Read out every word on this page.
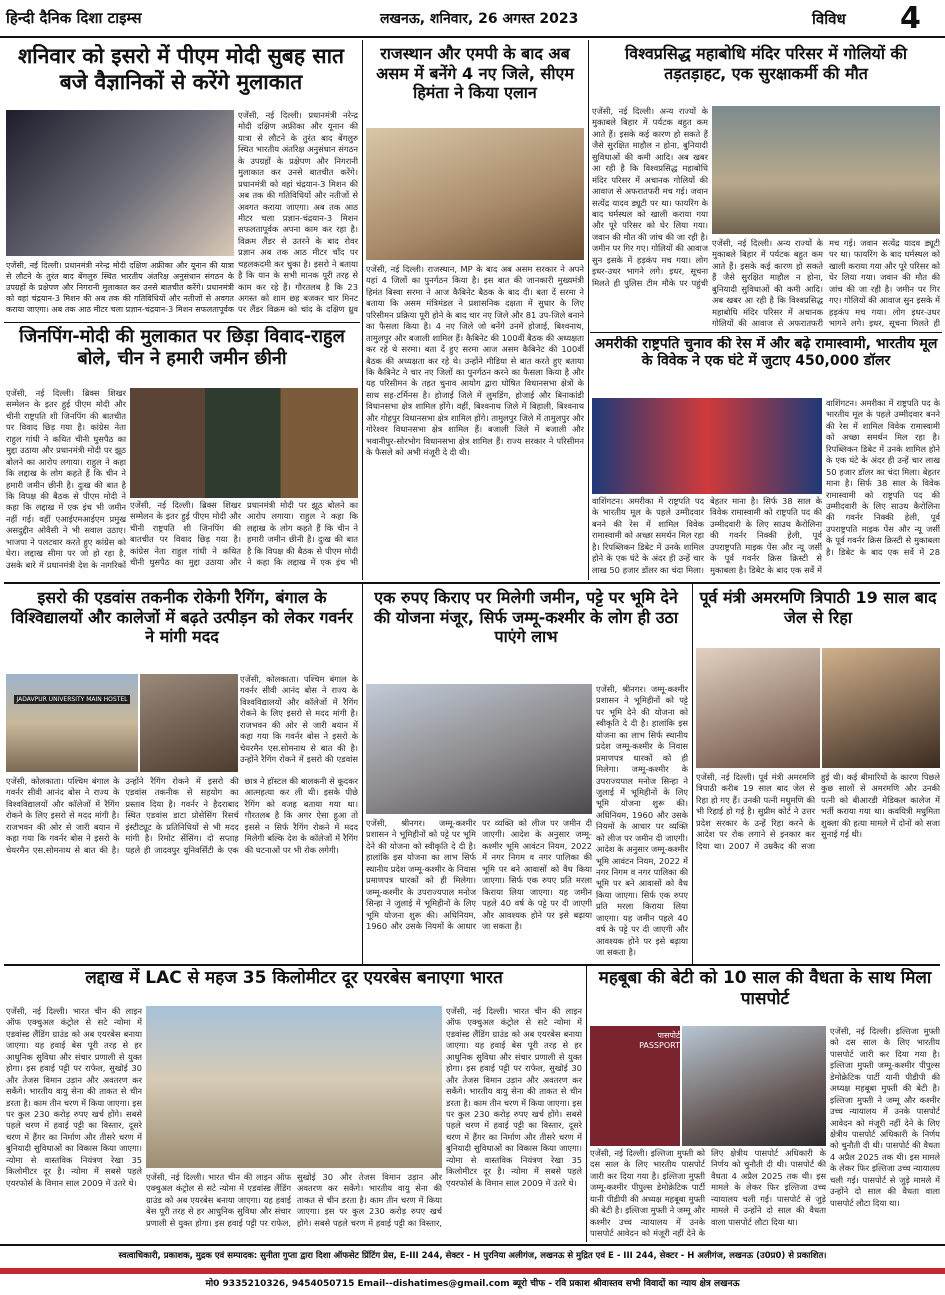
हिन्दी दैनिक दिशा टाइम्स	लखनऊ, शनिवार, 26 अगस्त 2023	विविध 4
शनिवार को इसरो में पीएम मोदी सुबह सात बजे वैज्ञानिकों से करेंगे मुलाकात
एजेंसी, नई दिल्ली। प्रधानमंत्री नरेन्द्र मोदी दक्षिण अफ्रीका और यूनान की यात्रा से लौटने के तुरंत बाद बेंगलुरु स्थित भारतीय अंतरिक्ष अनुसंधान संगठन के उपग्रहों के प्रक्षेपण और निगरानी मुलाकात कर उनसे बातचीत करेंगे। प्रधानमंत्री को वहां चंद्रयान-3 मिशन की अब तक की गतिविधियों और नतीजों से अवगत कराया जाएगा। अब तक आठ मीटर चला प्रज्ञान-चंद्रयान-3 मिशन सफलतापूर्वक
एजेंसी, नई दिल्ली। प्रधानमंत्री नरेन्द्र मोदी दक्षिण अफ्रीका और यूनान की यात्रा से लौटने के तुरंत बाद बेंगलुरु स्थित भारतीय अंतरिक्ष अनुसंधान संगठन के उपग्रहों के प्रक्षेपण और निगरानी मुलाकात कर उनसे बातचीत करेंगे। प्रधानमंत्री को वहां चंद्रयान-3 मिशन की अब तक की गतिविधियों और नतीजों से अवगत कराया जाएगा। अब तक आठ मीटर चला प्रज्ञान-चंद्रयान-3 मिशन सफलतापूर्वक अपना काम कर रहा है। विक्रम लैंडर से उतरने के बाद रोवर प्रज्ञान अब तक आठ मीटर चाँद पर चहलकदमी कर चुका है। इसरो ने बताया है कि यान के सभी मानक पूरी तरह से काम कर रहे हैं। गौरतलब है कि 23 अगस्त को शाम छह बजकर चार मिनट पर लैंडर विक्रम को चांद के दक्षिण ध्रुव
राजस्थान और एमपी के बाद अब असम में बनेंगे 4 नए जिले, सीएम हिमंता ने किया एलान
एजेंसी, नई दिल्ली। राजस्थान, MP के बाद अब असम सरकार ने अपने यहां 4 जिलों का पुनर्गठन किया है। इस बात की जानकारी मुख्यमंत्री हिमंत बिस्वा सरमा ने आज कैबिनेट बैठक के बाद दी। बता दें सरमा ने बताया कि असम मंत्रिमंडल ने प्रशासनिक दक्षता में सुधार के लिए परिसीमन प्रक्रिया पूरी होने के बाद चार नए जिले और 81 उप-जिले बनाने का फैसला किया है। 4 नए जिले जो बनेंगे उनमें होजाई, बिश्वनाथ, तामुलपुर और बजाली शामिल हैं। कैबिनेट की 100वीं बैठक की अध्यक्षता कर रहे थे सरमा। बता दें हुए सरमा आज असम कैबिनेट की 100वीं बैठक की अध्यक्षता कर रहे थे। उन्होंने मीडिया से बात करते हुए बताया कि कैबिनेट ने चार नए जिलों का पुनर्गठन करने का फैसला किया है और यह परिसीमन के तहत चुनाव आयोग द्वारा घोषित विधानसभा क्षेत्रों के साथ सह-टर्मिनस है। होजाई जिले में लुमडिंग, होजाई और बिनाकांडी विधानसभा क्षेत्र शामिल होंगे। वहीं, बिश्वनाथ जिले में बिहाली, बिश्वनाथ और गोहपुर विधानसभा क्षेत्र शामिल होंगे। तामुलपुर जिले में तामुलपुर और गोरेश्वर विधानसभा क्षेत्र शामिल हैं। बजाली जिले में बजाली और भवानीपुर-सोरभोग विधानसभा क्षेत्र शामिल हैं। राज्य सरकार ने परिसीमन के फैसले को अभी मंजूरी दे दी थी।
विश्वप्रसिद्ध महाबोधि मंदिर परिसर में गोलियों की तड़तड़ाहट, एक सुरक्षाकर्मी की मौत
एजेंसी, नई दिल्ली। अन्य राज्यों के मुकाबले बिहार में पर्यटक बहुत कम आते हैं। इसके कई कारण हो सकते हैं जैसे सुरक्षित माहौल न होना, बुनियादी सुविधाओं की कमी आदि। अब खबर आ रही है कि विश्वप्रसिद्ध महाबोधि मंदिर परिसर में अचानक गोलियों की आवाज से अफरातफरी मच गई। जवान सत्येंद्र यादव ड्यूटी पर था। फायरिंग के बाद घर्मस्थल को खाली कराया गया और पूरे परिसर को घेर लिया गया। जवान की मौत की जांच की जा रही है। जमीन पर गिर गए। गोलियों की आवाज सुन इसके में हड़कंप मच गया। लोग इधर-उधर भागने लगे। इधर, सूचना मिलते ही पुलिस टीम मौके पर पहुंची
एजेंसी, नई दिल्ली। अन्य राज्यों के मुकाबले बिहार में पर्यटक बहुत कम आते हैं। इसके कई कारण हो सकते हैं जैसे सुरक्षित माहौल न होना, बुनियादी सुविधाओं की कमी आदि। अब खबर आ रही है कि विश्वप्रसिद्ध महाबोधि मंदिर परिसर में अचानक गोलियों की आवाज से अफरातफरी मच गई। जवान सत्येंद्र यादव ड्यूटी पर था। फायरिंग के बाद घर्मस्थल को खाली कराया गया और पूरे परिसर को घेर लिया गया। जवान की मौत की जांच की जा रही है। जमीन पर गिर गए। गोलियों की आवाज सुन इसके में हड़कंप मच गया। लोग इधर-उधर भागने लगे। इधर, सूचना मिलते ही
जिनपिंग-मोदी की मुलाकात पर छिड़ा विवाद-राहुल बोले, चीन ने हमारी जमीन छीनी
एजेंसी, नई दिल्ली। ब्रिक्स शिखर सम्मेलन के इतर हुई पीएम मोदी और चीनी राष्ट्रपति शी जिनपिंग की बातचीत पर विवाद छिड़ गया है। कांग्रेस नेता राहुल गांधी ने कथित चीनी घुसपैठ का मुद्दा उठाया और प्रधानमंत्री मोदी पर झूठ बोलने का आरोप लगाया। राहुल ने कहा कि लद्दाख के लोग कहते हैं कि चीन ने हमारी जमीन छीनी है। दुःख की बात है कि विपक्ष की बैठक से पीएम मोदी ने कहा कि लद्दाख में एक इंच भी जमीन नहीं गई। वहीं एआईएमआईएम प्रमुख असदुद्दीन ओवैसी ने भी सवाल उठाए। भाजपा ने पलटवार करते हुए कांग्रेस को घेरा। लद्दाख सीमा पर जो हो रहा है, उसके बारे में प्रधानमंत्री देश के नागरिकों
एजेंसी, नई दिल्ली। ब्रिक्स शिखर सम्मेलन के इतर हुई पीएम मोदी और चीनी राष्ट्रपति शी जिनपिंग की बातचीत पर विवाद छिड़ गया है। कांग्रेस नेता राहुल गांधी ने कथित चीनी घुसपैठ का मुद्दा उठाया और प्रधानमंत्री मोदी पर झूठ बोलने का आरोप लगाया। राहुल ने कहा कि लद्दाख के लोग कहते हैं कि चीन ने हमारी जमीन छीनी है। दुःख की बात है कि विपक्ष की बैठक से पीएम मोदी ने कहा कि लद्दाख में एक इंच भी
अमरीकी राष्ट्रपति चुनाव की रेस में और बढ़े रामास्वामी, भारतीय मूल के विवेक ने एक घंटे में जुटाए 450,000 डॉलर
वाशिंगटन। अमरीका में राष्ट्रपति पद के भारतीय मूल के पहले उम्मीदवार बनने की रेस में शामिल विवेक रामास्वामी को अच्छा समर्थन मिल रहा है। रिपब्लिकन डिबेट में उनके शामिल होने के एक घंटे के अंदर ही उन्हें चार लाख 50 हजार डॉलर का चंदा मिला। बेहतर माना है। सिर्फ 38 साल के विवेक रामास्वामी को राष्ट्रपति पद की उम्मीदवारी के लिए साउथ कैरोलिना की गवर्नर निक्की हेली, पूर्व उपराष्ट्रपति माइक पेंस और न्यू जर्सी के पूर्व गवर्नर क्रिस क्रिस्टी से मुकाबला है। डिबेट के बाद एक सर्वे में
वाशिंगटन। अमरीका में राष्ट्रपति पद के भारतीय मूल के पहले उम्मीदवार बनने की रेस में शामिल विवेक रामास्वामी को अच्छा समर्थन मिल रहा है। रिपब्लिकन डिबेट में उनके शामिल होने के एक घंटे के अंदर ही उन्हें चार लाख 50 हजार डॉलर का चंदा मिला। बेहतर माना है। सिर्फ 38 साल के विवेक रामास्वामी को राष्ट्रपति पद की उम्मीदवारी के लिए साउथ कैरोलिना की गवर्नर निक्की हेली, पूर्व उपराष्ट्रपति माइक पेंस और न्यू जर्सी के पूर्व गवर्नर क्रिस क्रिस्टी से मुकाबला है। डिबेट के बाद एक सर्वे में 28
इसरो की एडवांस तकनीक रोकेगी रैगिंग, बंगाल के विश्विद्यालयों और कालेजों में बढ़ते उत्पीड़न को लेकर गवर्नर ने मांगी मदद
JADAVPUR UNIVERSITY MAIN HOSTEL
एजेंसी, कोलकाता। पश्चिम बंगाल के गवर्नर सीवी आनंद बोस ने राज्य के विश्वविद्यालयों और कॉलेजों में रैगिंग रोकने के लिए इसरो से मदद मांगी है। राजभवन की ओर से जारी बयान में कहा गया कि गवर्नर बोस ने इसरो के चेयरमैन एस.सोमनाथ से बात की है। उन्होंने रैगिंग रोकने में इसरो की एडवांस
एजेंसी, कोलकाता। पश्चिम बंगाल के गवर्नर सीवी आनंद बोस ने राज्य के विश्वविद्यालयों और कॉलेजों में रैगिंग रोकने के लिए इसरो से मदद मांगी है। राजभवन की ओर से जारी बयान में कहा गया कि गवर्नर बोस ने इसरो के चेयरमैन एस.सोमनाथ से बात की है। उन्होंने रैगिंग रोकने में इसरो की एडवांस तकनीक से सहयोग का प्रस्ताव दिया है। गवर्नर ने हैदराबाद स्थित एडवांस डाटा प्रोसेसिंग रिसर्च इंस्टीट्यूट के प्रतिनिधियों से भी मदद मांगी है। रिमोट सेंसिंग। दो सप्ताह पहले ही जादवपुर यूनिवर्सिटी के एक छात्र ने हॉस्टल की बालकनी से कूदकर आत्महत्या कर ली थी। इसके पीछे रैगिंग को वजह बताया गया था। गौरतलब है कि अगर ऐसा हुआ तो इससे न सिर्फ रैगिंग रोकने में मदद मिलेगी बल्कि देश के कॉलेजों में रैगिंग की घटनाओं पर भी रोक लगेगी।
एक रुपए किराए पर मिलेगी जमीन, पट्टे पर भूमि देने की योजना मंजूर, सिर्फ जम्मू-कश्मीर के लोग ही उठा पाएंगे लाभ
एजेंसी, श्रीनगर। जम्मू-कश्मीर प्रशासन ने भूमिहीनों को पट्टे पर भूमि देने की योजना को स्वीकृति दे दी है। हालांकि इस योजना का लाभ सिर्फ स्थानीय प्रदेश जम्मू-कश्मीर के निवास प्रमाणपत्र धारकों को ही मिलेगा। जम्मू-कश्मीर के उपराज्यपाल मनोज सिन्हा ने जुलाई में भूमिहीनों के लिए भूमि योजना शुरू की। अधिनियम, 1960 और उसके नियमों के आधार पर व्यक्ति को लीज पर जमीन दी जाएगी। आदेश के अनुसार जम्मू-कश्मीर भूमि आवंटन नियम, 2022 में नगर निगम व नगर पालिका की भूमि पर बने आवासों को वैध किया जाएगा। सिर्फ एक रुपए प्रति मरला किराया लिया जाएगा। यह जमीन पहले 40 वर्ष के पट्टे पर दी जाएगी और आवश्यक होने पर इसे बढ़ाया जा सकता है।
एजेंसी, श्रीनगर। जम्मू-कश्मीर प्रशासन ने भूमिहीनों को पट्टे पर भूमि देने की योजना को स्वीकृति दे दी है। हालांकि इस योजना का लाभ सिर्फ स्थानीय प्रदेश जम्मू-कश्मीर के निवास प्रमाणपत्र धारकों को ही मिलेगा। जम्मू-कश्मीर के उपराज्यपाल मनोज सिन्हा ने जुलाई में भूमिहीनों के लिए भूमि योजना शुरू की। अधिनियम, 1960 और उसके नियमों के आधार पर व्यक्ति को लीज पर जमीन दी जाएगी। आदेश के अनुसार जम्मू-कश्मीर भूमि आवंटन नियम, 2022 में नगर निगम व नगर पालिका की भूमि पर बने आवासों को वैध किया जाएगा। सिर्फ एक रुपए प्रति मरला किराया लिया जाएगा। यह जमीन पहले 40 वर्ष के पट्टे पर दी जाएगी और आवश्यक होने पर इसे बढ़ाया जा सकता है।
पूर्व मंत्री अमरमणि त्रिपाठी 19 साल बाद जेल से रिहा
एजेंसी, नई दिल्ली। पूर्व मंत्री अमरमणि त्रिपाठी करीब 19 साल बाद जेल से रिहा हो गए हैं। उनकी पत्नी मधुमणि की भी रिहाई हो गई है। सुप्रीम कोर्ट ने उत्तर प्रदेश सरकार के उन्हें रिहा करने के आदेश पर रोक लगाने से इनकार कर दिया था। 2007 में उम्रकैद की सजा हुई थी। कई बीमारियों के कारण पिछले कुछ सालों से अमरमणि और उनकी पत्नी को बीआरडी मेडिकल कालेज में भर्ती कराया गया था। कवयित्री मधुमिता शुक्ला की हत्या मामले में दोनों को सजा सुनाई गई थी।
लद्दाख में LAC से महज 35 किलोमीटर दूर एयरबेस बनाएगा भारत
एजेंसी, नई दिल्ली। भारत चीन की लाइन ऑफ एक्चुअल कंट्रोल से सटे न्योमा में एडवांस्ड लैंडिंग ग्राउंड को अब एयरबेस बनाया जाएगा। यह हवाई बेस पूरी तरह से हर आधुनिक सुविधा और संचार प्रणाली से युक्त होगा। इस हवाई पट्टी पर राफेल, सुखोई 30 और तेजस विमान उड़ान और अवतरण कर सकेंगे। भारतीय वायु सेना की ताकत से चीन डरता है। काम तीन चरण में किया जाएगा। इस पर कुल 230 करोड़ रुपए खर्च होंगे। सबसे पहले चरण में हवाई पट्टी का विस्तार, दूसरे चरण में हैंगर का निर्माण और तीसरे चरण में बुनियादी सुविधाओं का विकास किया जाएगा। न्योमा से वास्तविक नियंत्रण रेखा 35 किलोमीटर दूर है। न्योमा में सबसे पहले एयरफोर्स के विमान साल 2009 में उतरे थे।
एजेंसी, नई दिल्ली। भारत चीन की लाइन ऑफ एक्चुअल कंट्रोल से सटे न्योमा में एडवांस्ड लैंडिंग ग्राउंड को अब एयरबेस बनाया जाएगा। यह हवाई बेस पूरी तरह से हर आधुनिक सुविधा और संचार प्रणाली से युक्त होगा। इस हवाई पट्टी पर राफेल, सुखोई 30 और तेजस विमान उड़ान और अवतरण कर सकेंगे। भारतीय वायु सेना की ताकत से चीन डरता है। काम तीन चरण में किया जाएगा। इस पर कुल 230 करोड़ रुपए खर्च होंगे। सबसे पहले चरण में हवाई पट्टी का विस्तार,
एजेंसी, नई दिल्ली। भारत चीन की लाइन ऑफ एक्चुअल कंट्रोल से सटे न्योमा में एडवांस्ड लैंडिंग ग्राउंड को अब एयरबेस बनाया जाएगा। यह हवाई बेस पूरी तरह से हर आधुनिक सुविधा और संचार प्रणाली से युक्त होगा। इस हवाई पट्टी पर राफेल, सुखोई 30 और तेजस विमान उड़ान और अवतरण कर सकेंगे। भारतीय वायु सेना की ताकत से चीन डरता है। काम तीन चरण में किया जाएगा। इस पर कुल 230 करोड़ रुपए खर्च होंगे। सबसे पहले चरण में हवाई पट्टी का विस्तार, दूसरे चरण में हैंगर का निर्माण और तीसरे चरण में बुनियादी सुविधाओं का विकास किया जाएगा। न्योमा से वास्तविक नियंत्रण रेखा 35 किलोमीटर दूर है। न्योमा में सबसे पहले एयरफोर्स के विमान साल 2009 में उतरे थे।
महबूबा की बेटी को 10 साल की वैधता के साथ मिला पासपोर्ट
पासपोर्ट
PASSPORT
एजेंसी, नई दिल्ली। इल्तिजा मुफ्ती को दस साल के लिए भारतीय पासपोर्ट जारी कर दिया गया है। इल्तिजा मुफ्ती जम्मू-कश्मीर पीपुल्स डेमोक्रेटिक पार्टी यानी पीडीपी की अध्यक्ष महबूबा मुफ्ती की बेटी है। इल्तिजा मुफ्ती ने जम्मू और कश्मीर उच्च न्यायालय में उनके पासपोर्ट आवेदन को मंजूरी नहीं देने के लिए क्षेत्रीय पासपोर्ट अधिकारी के निर्णय को चुनौती दी थी। पासपोर्ट की वैधता 4 अप्रैल 2025 तक थी। इस मामले के लेकर फिर इल्तिजा उच्च न्यायालय चली गई। पासपोर्ट से जुड़े मामले में उन्होंने दो साल की वैधता वाला पासपोर्ट लौटा दिया था।
एजेंसी, नई दिल्ली। इल्तिजा मुफ्ती को दस साल के लिए भारतीय पासपोर्ट जारी कर दिया गया है। इल्तिजा मुफ्ती जम्मू-कश्मीर पीपुल्स डेमोक्रेटिक पार्टी यानी पीडीपी की अध्यक्ष महबूबा मुफ्ती की बेटी है। इल्तिजा मुफ्ती ने जम्मू और कश्मीर उच्च न्यायालय में उनके पासपोर्ट आवेदन को मंजूरी नहीं देने के लिए क्षेत्रीय पासपोर्ट अधिकारी के निर्णय को चुनौती दी थी। पासपोर्ट की वैधता 4 अप्रैल 2025 तक थी। इस मामले के लेकर फिर इल्तिजा उच्च न्यायालय चली गई। पासपोर्ट से जुड़े मामले में उन्होंने दो साल की वैधता वाला पासपोर्ट लौटा दिया था।
स्वत्वाधिकारी, प्रकाशक, मुद्रक एवं सम्पादक: सुनीता गुप्ता द्वारा दिशा ऑफसेट प्रिंटिंग प्रेस, E-III 244, सेक्टर - H पुरनिया अलीगंज, लखनऊ से मुद्रित एवं E - III 244, सेक्टर - H अलीगंज, लखनऊ (उ0प्र0) से प्रकाशित।
मो0 9335210326, 9454050715 Email--dishatimes@gmail.com ब्यूरो चीफ - रवि प्रकाश श्रीवास्तव सभी विवादों का न्याय क्षेत्र लखनऊ
